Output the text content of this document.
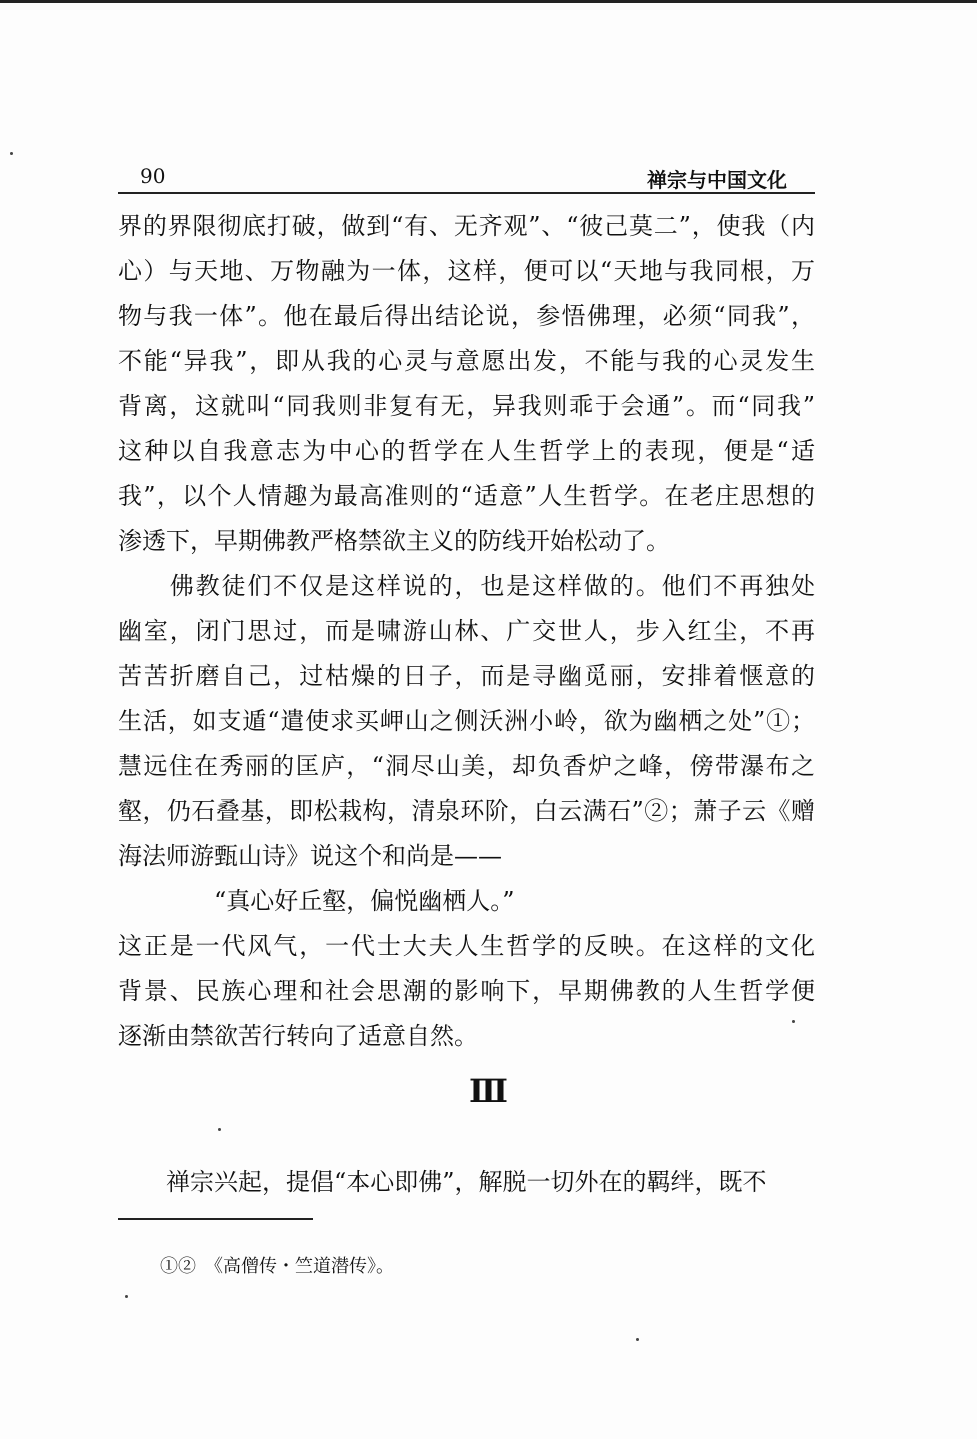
90	禅宗与中国文化
界的界限彻底打破，做到“有、无齐观”、“彼己莫二”，使我（内
心）与天地、万物融为一体，这样，便可以“天地与我同根，万
物与我一体”。他在最后得出结论说，参悟佛理，必须“同我”，
不能“异我”，即从我的心灵与意愿出发，不能与我的心灵发生
背离，这就叫“同我则非复有无，异我则乖于会通”。而“同我”
这种以自我意志为中心的哲学在人生哲学上的表现，便是“适
我”，以个人情趣为最高准则的“适意”人生哲学。在老庄思想的
渗透下，早期佛教严格禁欲主义的防线开始松动了。
　　佛教徒们不仅是这样说的，也是这样做的。他们不再独处
幽室，闭门思过，而是啸游山林、广交世人，步入红尘，不再
苦苦折磨自己，过枯燥的日子，而是寻幽觅丽，安排着惬意的
生活，如支遁“遣使求买岬山之侧沃洲小岭，欲为幽栖之处”①；
慧远住在秀丽的匡庐，“洞尽山美，却负香炉之峰，傍带瀑布之
壑，仍石叠基，即松栽构，清泉环阶，白云满石”②；萧子云《赠
海法师游甄山诗》说这个和尚是——
“真心好丘壑，偏悦幽栖人。”
这正是一代风气，一代士大夫人生哲学的反映。在这样的文化
背景、民族心理和社会思潮的影响下，早期佛教的人生哲学便
逐渐由禁欲苦行转向了适意自然。
Ⅲ
　　禅宗兴起，提倡“本心即佛”，解脱一切外在的羁绊，既不
①②　《高僧传・竺道潜传》。
